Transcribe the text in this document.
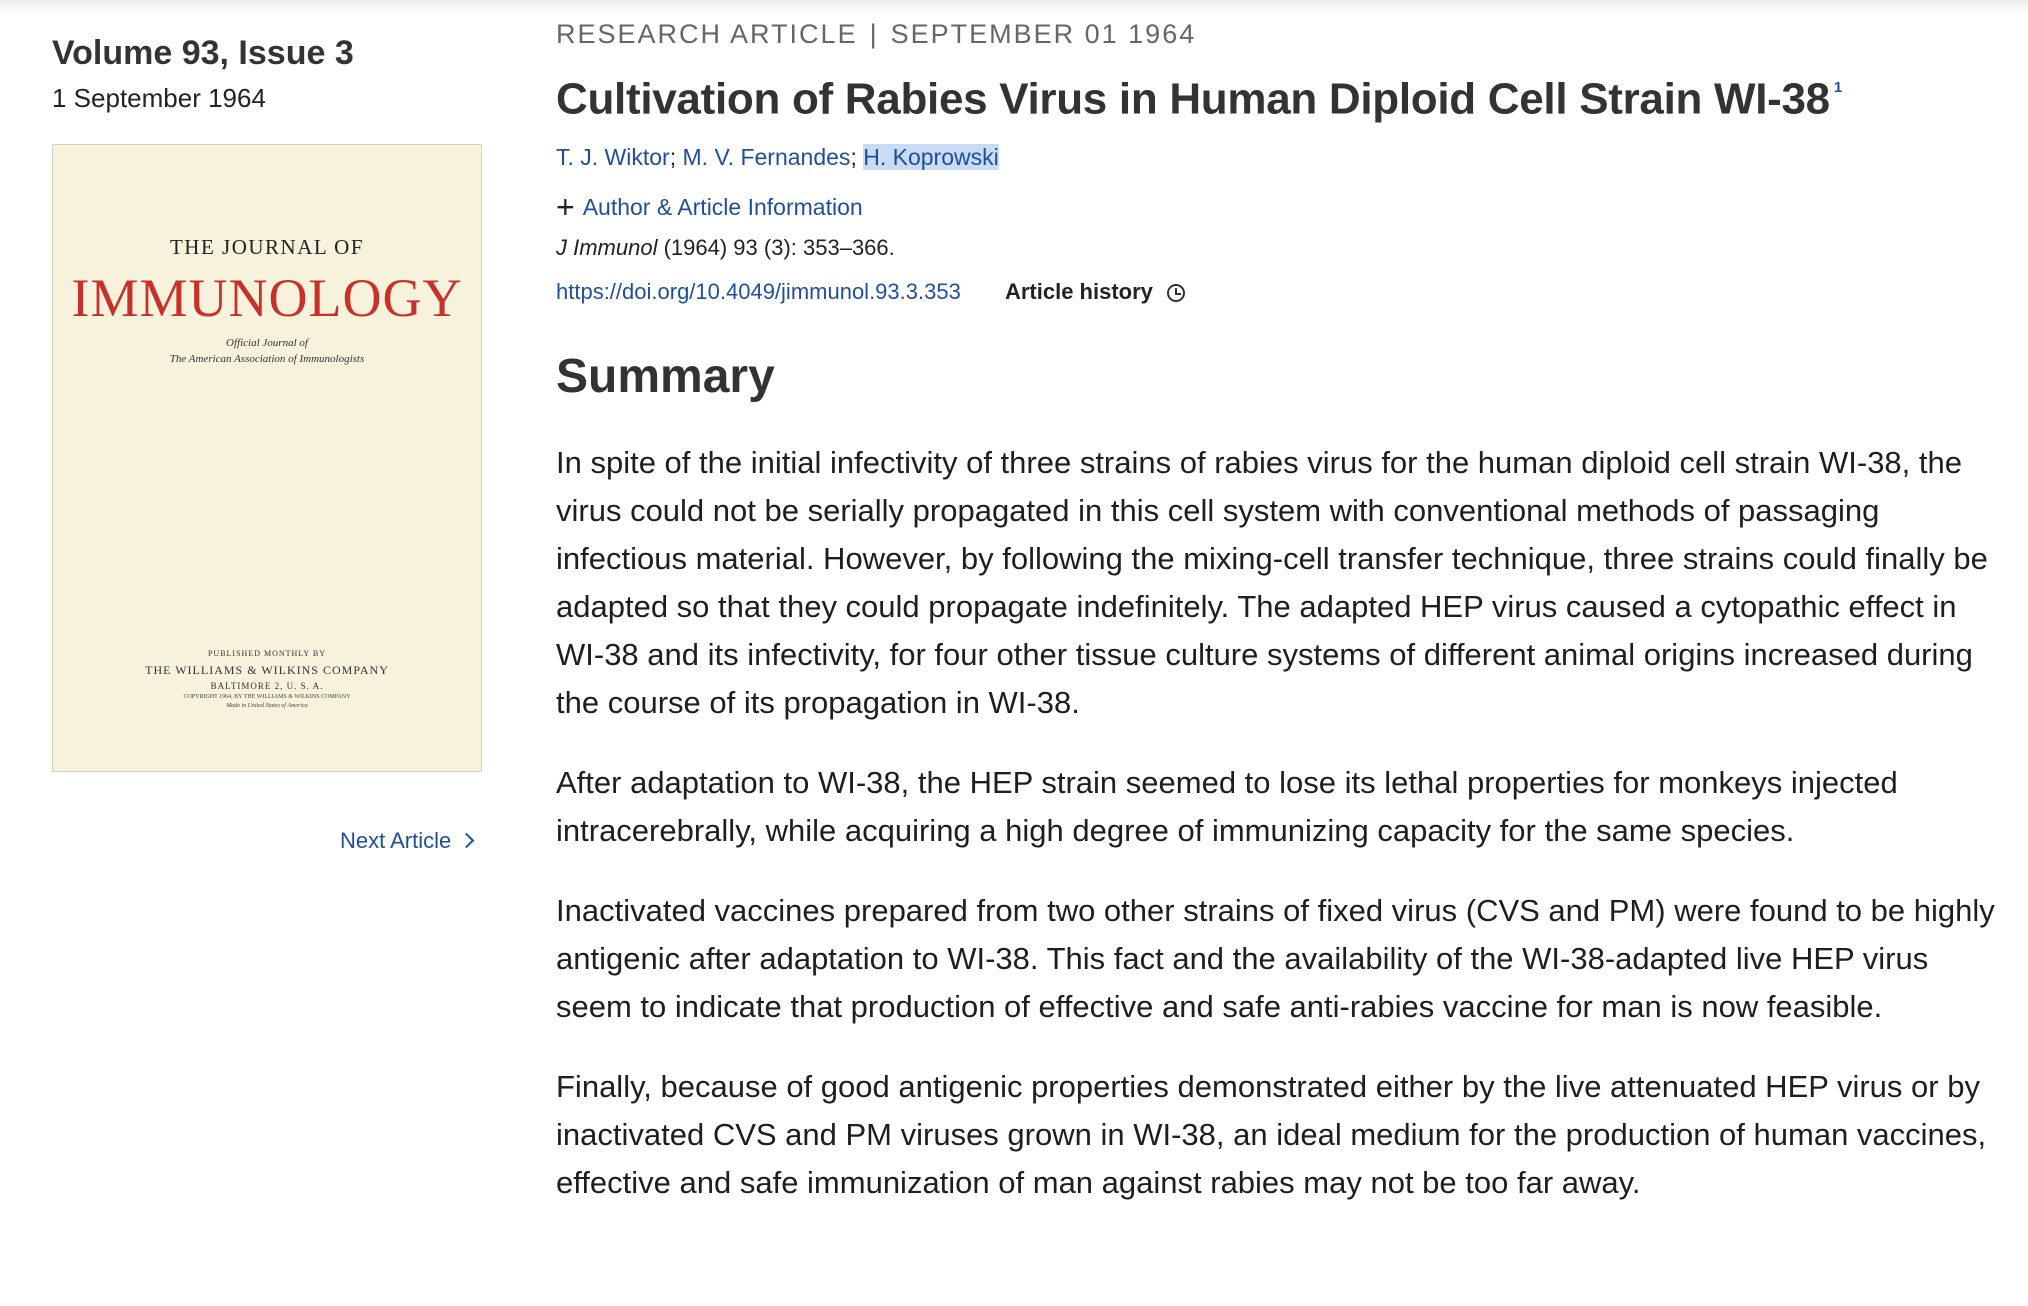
Volume 93, Issue 3
1 September 1964
THE JOURNAL OF
IMMUNOLOGY
Official Journal of
The American Association of Immunologists
PUBLISHED MONTHLY BY
THE WILLIAMS & WILKINS COMPANY
BALTIMORE 2, U. S. A.
COPYRIGHT 1964, BY THE WILLIAMS & WILKINS COMPANY
Made in United States of America
Next Article
RESEARCH ARTICLE | SEPTEMBER 01 1964
Cultivation of Rabies Virus in Human Diploid Cell Strain WI-38 $^1$
T. J. Wiktor; M. V. Fernandes; H. Koprowski
+ Author & Article Information
J Immunol (1964) 93 (3): 353–366.
https://doi.org/10.4049/jimmunol.93.3.353 Article history
Summary

In spite of the initial infectivity of three strains of rabies virus for the human diploid cell strain WI-38, the virus could not be serially propagated in this cell system with conventional methods of passaging infectious material. However, by following the mixing-cell transfer technique, three strains could finally be adapted so that they could propagate indefinitely. The adapted HEP virus caused a cytopathic effect in WI-38 and its infectivity, for four other tissue culture systems of different animal origins increased during the course of its propagation in WI-38.

After adaptation to WI-38, the HEP strain seemed to lose its lethal properties for monkeys injected intracerebrally, while acquiring a high degree of immunizing capacity for the same species.

Inactivated vaccines prepared from two other strains of fixed virus (CVS and PM) were found to be highly antigenic after adaptation to WI-38. This fact and the availability of the WI-38-adapted live HEP virus seem to indicate that production of effective and safe anti-rabies vaccine for man is now feasible.

Finally, because of good antigenic properties demonstrated either by the live attenuated HEP virus or by inactivated CVS and PM viruses grown in WI-38, an ideal medium for the production of human vaccines, effective and safe immunization of man against rabies may not be too far away.
